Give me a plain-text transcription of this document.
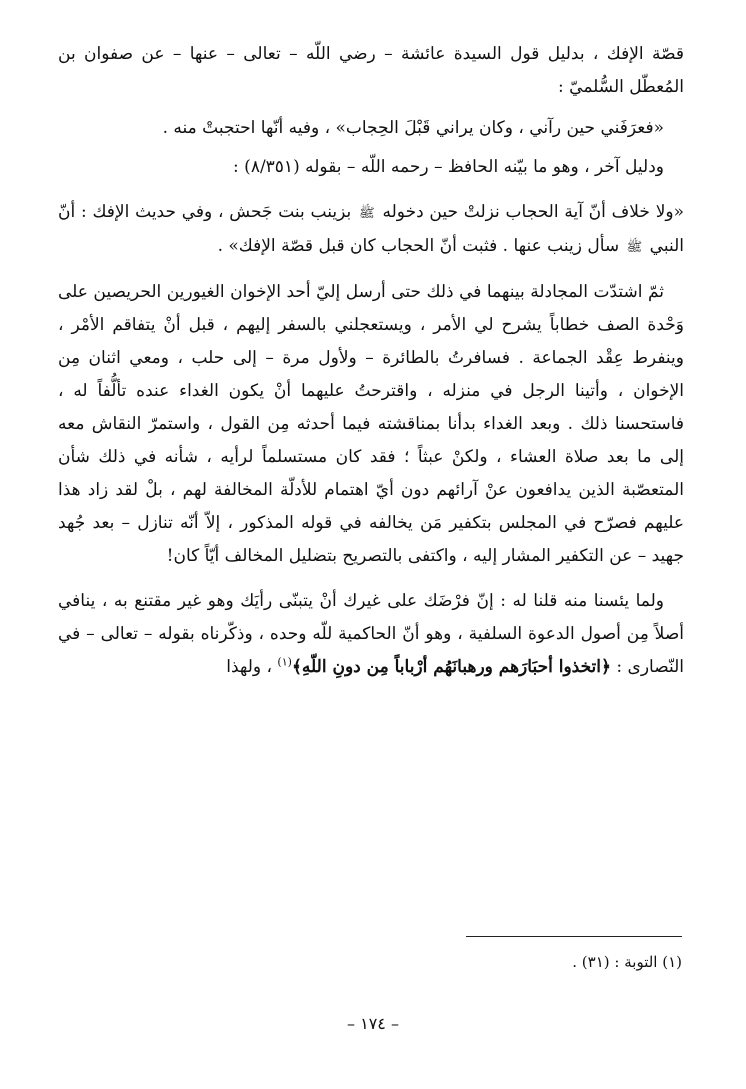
قصّة الإفك ، بدليل قول السيدة عائشة – رضي اللّه – تعالى – عنها – عن صفوان بن المُعطّل السُّلميّ :

«فعرَفَني حين رآني ، وكان يراني قَبْلَ الحِجاب» ، وفيه أنّها احتجبتْ منه .

ودليل آخر ، وهو ما بيّنه الحافظ – رحمه اللّه – بقوله (٨/٣٥١) :

«ولا خلاف أنّ آية الحجاب نزلتْ حين دخوله ﷺ بزينب بنت جَحش ، وفي حديث الإفك : أنّ النبي ﷺ سأل زينب عنها . فثبت أنّ الحجاب كان قبل قصّة الإفك» .

ثمّ اشتدّت المجادلة بينهما في ذلك حتى أرسل إليّ أحد الإخوان الغيورين الحريصين على وَحْدة الصف خطاباً يشرح لي الأمر ، ويستعجلني بالسفر إليهم ، قبل أنْ يتفاقم الأمْر ، وينفرط عِقْد الجماعة . فسافرتُ بالطائرة – ولأول مرة – إلى حلب ، ومعي اثنان مِن الإخوان ، وأتينا الرجل في منزله ، واقترحتُ عليهما أنْ يكون الغداء عنده تألُّفاً له ، فاستحسنا ذلك . وبعد الغداء بدأنا بمناقشته فيما أحدثه مِن القول ، واستمرّ النقاش معه إلى ما بعد صلاة العشاء ، ولكنْ عبثاً ؛ فقد كان مستسلماً لرأيه ، شأنه في ذلك شأن المتعصّبة الذين يدافعون عنْ آرائهم دون أيّ اهتمام للأدلّة المخالفة لهم ، بلْ لقد زاد هذا عليهم فصرّح في المجلس بتكفير مَن يخالفه في قوله المذكور ، إلاّ أنّه تنازل – بعد جُهد جهيد – عن التكفير المشار إليه ، واكتفى بالتصريح بتضليل المخالف أيّاً كان!

ولما يئسنا منه قلنا له : إنّ فرْضَك على غيرك أنْ يتبنّى رأيَك وهو غير مقتنع به ، ينافي أصلاً مِن أصول الدعوة السلفية ، وهو أنّ الحاكمية للّه وحده ، وذكّرناه بقوله – تعالى – في النّصارى : ﴿اتخذوا أحبَارَهم ورهبانَهُم أرْباباً مِن دونِ اللّهِ﴾$^{(١)}$ ، ولهذا

(١) التوبة : (٣١) .
– ١٧٤ –
